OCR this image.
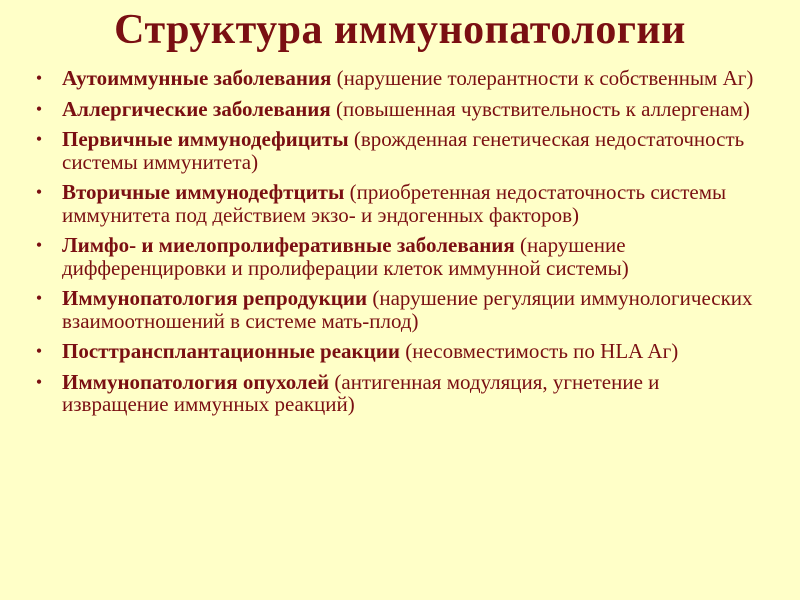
Структура иммунопатологии
• Аутоиммунные заболевания (нарушение толерантности к собственным Аг)
• Аллергические заболевания (повышенная чувствительность к аллергенам)
• Первичные иммунодефициты (врожденная генетическая недостаточность системы иммунитета)
• Вторичные иммунодефтциты (приобретенная недостаточность системы иммунитета под действием экзо- и эндогенных факторов)
• Лимфо- и миелопролиферативные заболевания (нарушение дифференцировки и пролиферации клеток иммунной системы)
• Иммунопатология репродукции (нарушение регуляции иммунологических взаимоотношений в системе мать-плод)
• Посттрансплантационные реакции (несовместимость по HLA Аг)
• Иммунопатология опухолей (антигенная модуляция, угнетение и извращение иммунных реакций)
